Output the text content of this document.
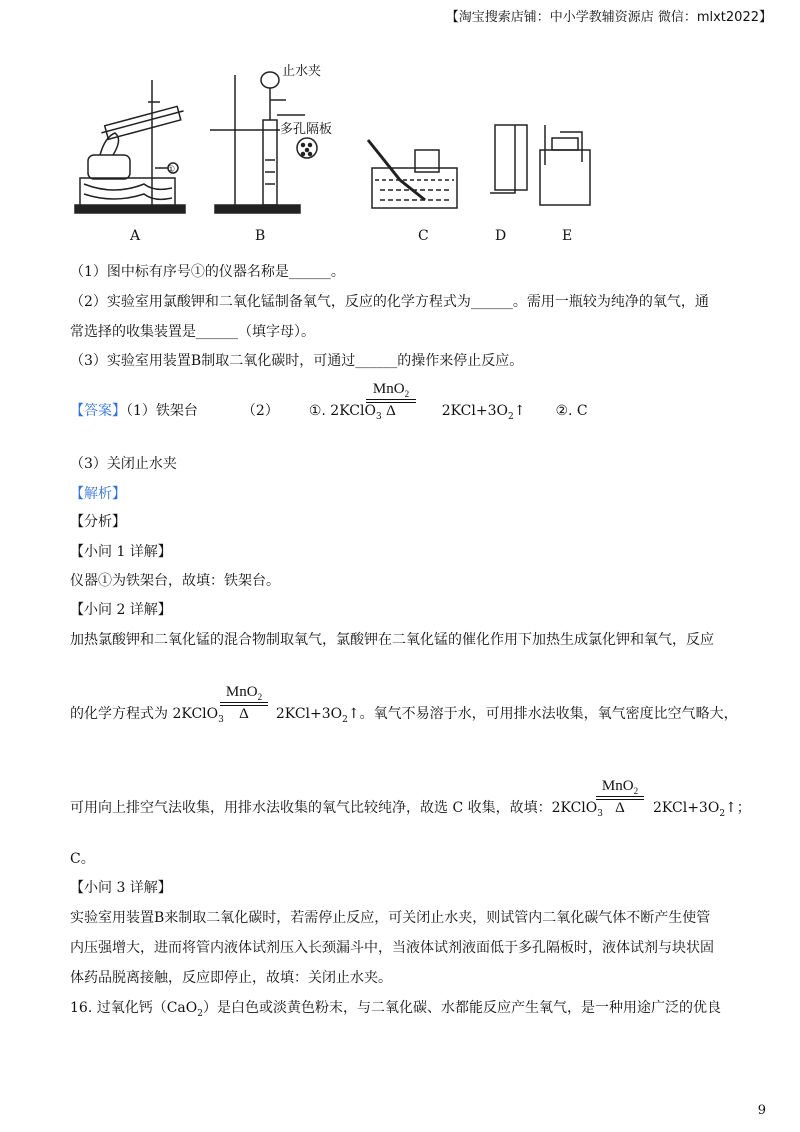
【淘宝搜索店铺：中小学教辅资源店 微信：mlxt2022】
①
止水夹
多孔隔板
A	B	C	D	E
（1）图中标有序号①的仪器名称是______。
（2）实验室用氯酸钾和二氧化锰制备氧气，反应的化学方程式为______。需用一瓶较为纯净的氧气，通
常选择的收集装置是______（填字母）。
（3）实验室用装置B制取二氧化碳时，可通过______的操作来停止反应。
【答案】（1）铁架台	（2） ①. 2KClO$_3$	$2KCl+3O_2↑$ ②. C
MnO$_2$
Δ
（3）关闭止水夹
【解析】
【分析】
【小问 1 详解】
仪器①为铁架台，故填：铁架台。
【小问 2 详解】
加热氯酸钾和二氧化锰的混合物制取氧气，氯酸钾在二氧化锰的催化作用下加热生成氯化钾和氧气，反应
的化学方程式为 2KClO$_3$	$2KCl+3O_2↑$。氧气不易溶于水，可用排水法收集，氧气密度比空气略大，
MnO$_2$
Δ
可用向上排空气法收集，用排水法收集的氧气比较纯净，故选 C 收集，故填：2KClO$_3$	$2KCl+3O_2↑$；
MnO$_2$
Δ
C。
【小问 3 详解】
实验室用装置B来制取二氧化碳时，若需停止反应，可关闭止水夹，则试管内二氧化碳气体不断产生使管
内压强增大，进而将管内液体试剂压入长颈漏斗中，当液体试剂液面低于多孔隔板时，液体试剂与块状固
体药品脱离接触，反应即停止，故填：关闭止水夹。
16. 过氧化钙（CaO$_2$）是白色或淡黄色粉末，与二氧化碳、水都能反应产生氧气，是一种用途广泛的优良
9
